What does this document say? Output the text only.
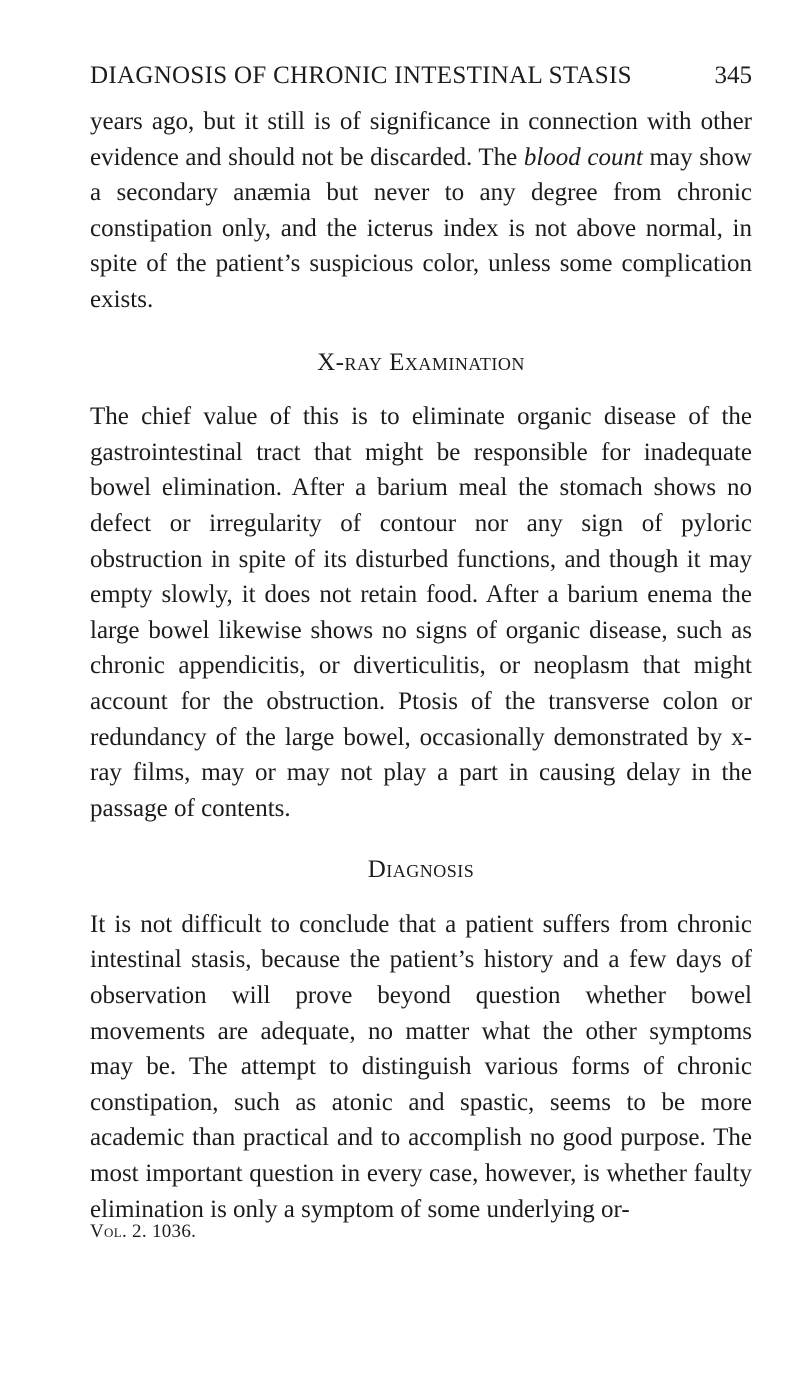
DIAGNOSIS OF CHRONIC INTESTINAL STASIS	345

years ago, but it still is of significance in connection with other evidence and should not be discarded. The blood count may show a secondary anæmia but never to any degree from chronic constipation only, and the icterus index is not above normal, in spite of the patient’s suspicious color, unless some complication exists.

X-ray Examination

The chief value of this is to eliminate organic disease of the gastrointestinal tract that might be responsible for inadequate bowel elimination. After a barium meal the stomach shows no defect or irregularity of contour nor any sign of pyloric obstruction in spite of its disturbed functions, and though it may empty slowly, it does not retain food. After a barium enema the large bowel likewise shows no signs of organic disease, such as chronic appendicitis, or diverticulitis, or neoplasm that might account for the obstruction. Ptosis of the transverse colon or redundancy of the large bowel, occasionally demonstrated by x-ray films, may or may not play a part in causing delay in the passage of contents.

Diagnosis

It is not difficult to conclude that a patient suffers from chronic intestinal stasis, because the patient’s history and a few days of observation will prove beyond question whether bowel movements are adequate, no matter what the other symptoms may be. The attempt to distinguish various forms of chronic constipation, such as atonic and spastic, seems to be more academic than practical and to accomplish no good purpose. The most important question in every case, however, is whether faulty elimination is only a symptom of some underlying or-

Vol. 2. 1036.
